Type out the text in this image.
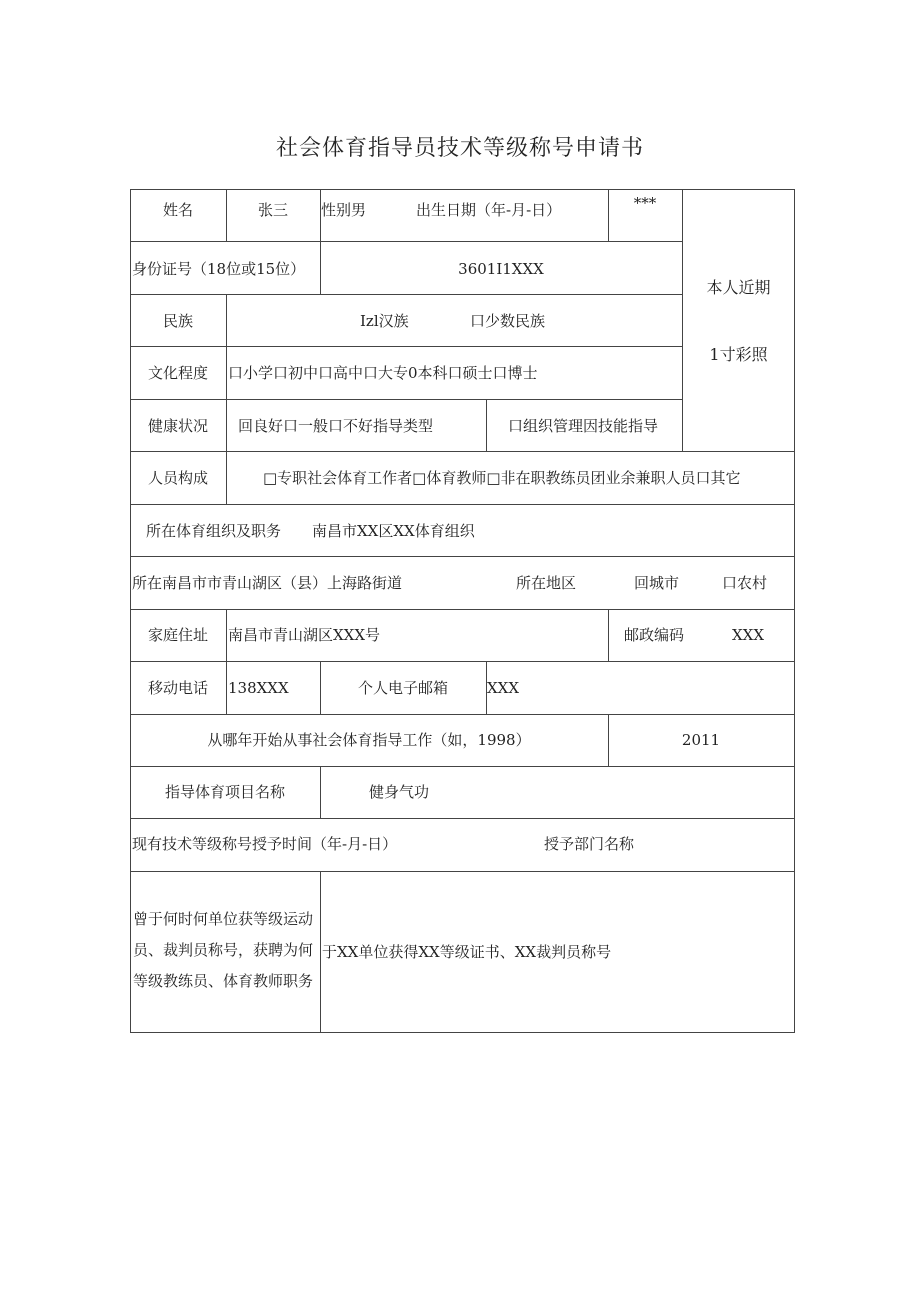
社会体育指导员技术等级称号申请书
姓名	张三	性别男	出生日期（年-月-日）	***
本人近期
1寸彩照
身份证号（18位或15位）	3601I1XXX
民族	Izl汉族	口少数民族
文化程度	口小学口初中口高中口大专0本科口硕士口博士
健康状况	回良好口一般口不好指导类型	口组织管理因技能指导
人员构成	□专职社会体育工作者□体育教师□非在职教练员团业余兼职人员口其它
所在体育组织及职务 南昌市XX区XX体育组织
所在南昌市市青山湖区（县）上海路街道	所在地区	回城市	口农村
家庭住址	南昌市青山湖区XXX号	邮政编码	XXX
移动电话	138XXX	个人电子邮箱	XXX
从哪年开始从事社会体育指导工作（如，1998）	2011
指导体育项目名称	健身气功
现有技术等级称号授予时间（年-月-日）	授予部门名称
曾于何时何单位获等级运动员、裁判员称号，获聘为何等级教练员、体育教师职务
于XX单位获得XX等级证书、XX裁判员称号
